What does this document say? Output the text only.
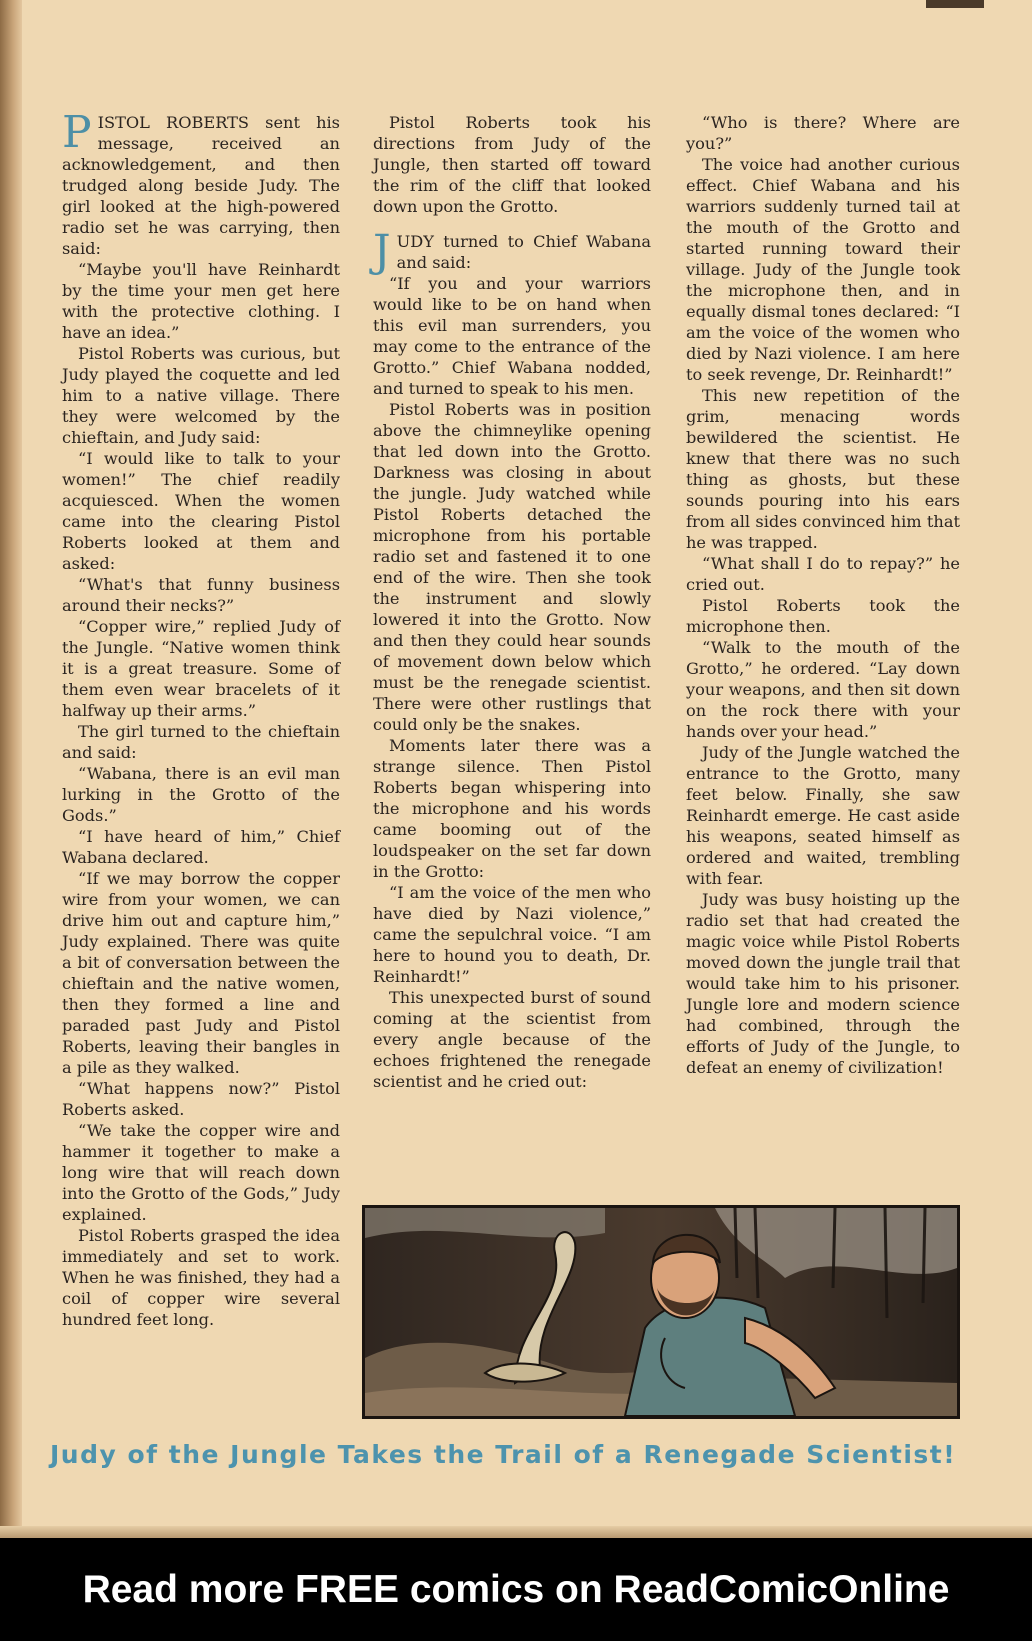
PISTOL ROBERTS sent his message, received an acknowledgement, and then trudged along beside Judy. The girl looked at the high-powered radio set he was carrying, then said:

“Maybe you'll have Reinhardt by the time your men get here with the protective clothing. I have an idea.”

Pistol Roberts was curious, but Judy played the coquette and led him to a native village. There they were welcomed by the chieftain, and Judy said:

“I would like to talk to your women!” The chief readily acquiesced. When the women came into the clearing Pistol Roberts looked at them and asked:

“What's that funny business around their necks?”

“Copper wire,” replied Judy of the Jungle. “Native women think it is a great treasure. Some of them even wear bracelets of it halfway up their arms.”

The girl turned to the chieftain and said:

“Wabana, there is an evil man lurking in the Grotto of the Gods.”

“I have heard of him,” Chief Wabana declared.

“If we may borrow the copper wire from your women, we can drive him out and capture him,” Judy explained. There was quite a bit of conversation between the chieftain and the native women, then they formed a line and paraded past Judy and Pistol Roberts, leaving their bangles in a pile as they walked.

“What happens now?” Pistol Roberts asked.

“We take the copper wire and hammer it together to make a long wire that will reach down into the Grotto of the Gods,” Judy explained.

Pistol Roberts grasped the idea immediately and set to work. When he was finished, they had a coil of copper wire several hundred feet long.

Pistol Roberts took his directions from Judy of the Jungle, then started off toward the rim of the cliff that looked down upon the Grotto.

JUDY turned to Chief Wabana and said:

“If you and your warriors would like to be on hand when this evil man surrenders, you may come to the entrance of the Grotto.” Chief Wabana nodded, and turned to speak to his men.

Pistol Roberts was in position above the chimneylike opening that led down into the Grotto. Darkness was closing in about the jungle. Judy watched while Pistol Roberts detached the microphone from his portable radio set and fastened it to one end of the wire. Then she took the instrument and slowly lowered it into the Grotto. Now and then they could hear sounds of movement down below which must be the renegade scientist. There were other rustlings that could only be the snakes.

Moments later there was a strange silence. Then Pistol Roberts began whispering into the microphone and his words came booming out of the loudspeaker on the set far down in the Grotto:

“I am the voice of the men who have died by Nazi violence,” came the sepulchral voice. “I am here to hound you to death, Dr. Reinhardt!”

This unexpected burst of sound coming at the scientist from every angle because of the echoes frightened the renegade scientist and he cried out:

“Who is there? Where are you?”

The voice had another curious effect. Chief Wabana and his warriors suddenly turned tail at the mouth of the Grotto and started running toward their village. Judy of the Jungle took the microphone then, and in equally dismal tones declared: “I am the voice of the women who died by Nazi violence. I am here to seek revenge, Dr. Reinhardt!”

This new repetition of the grim, menacing words bewildered the scientist. He knew that there was no such thing as ghosts, but these sounds pouring into his ears from all sides convinced him that he was trapped.

“What shall I do to repay?” he cried out.

Pistol Roberts took the microphone then.

“Walk to the mouth of the Grotto,” he ordered. “Lay down your weapons, and then sit down on the rock there with your hands over your head.”

Judy of the Jungle watched the entrance to the Grotto, many feet below. Finally, she saw Reinhardt emerge. He cast aside his weapons, seated himself as ordered and waited, trembling with fear.

Judy was busy hoisting up the radio set that had created the magic voice while Pistol Roberts moved down the jungle trail that would take him to his prisoner. Jungle lore and modern science had combined, through the efforts of Judy of the Jungle, to defeat an enemy of civilization!

Judy of the Jungle Takes the Trail of a Renegade Scientist!
Read more FREE comics on ReadComicOnline
